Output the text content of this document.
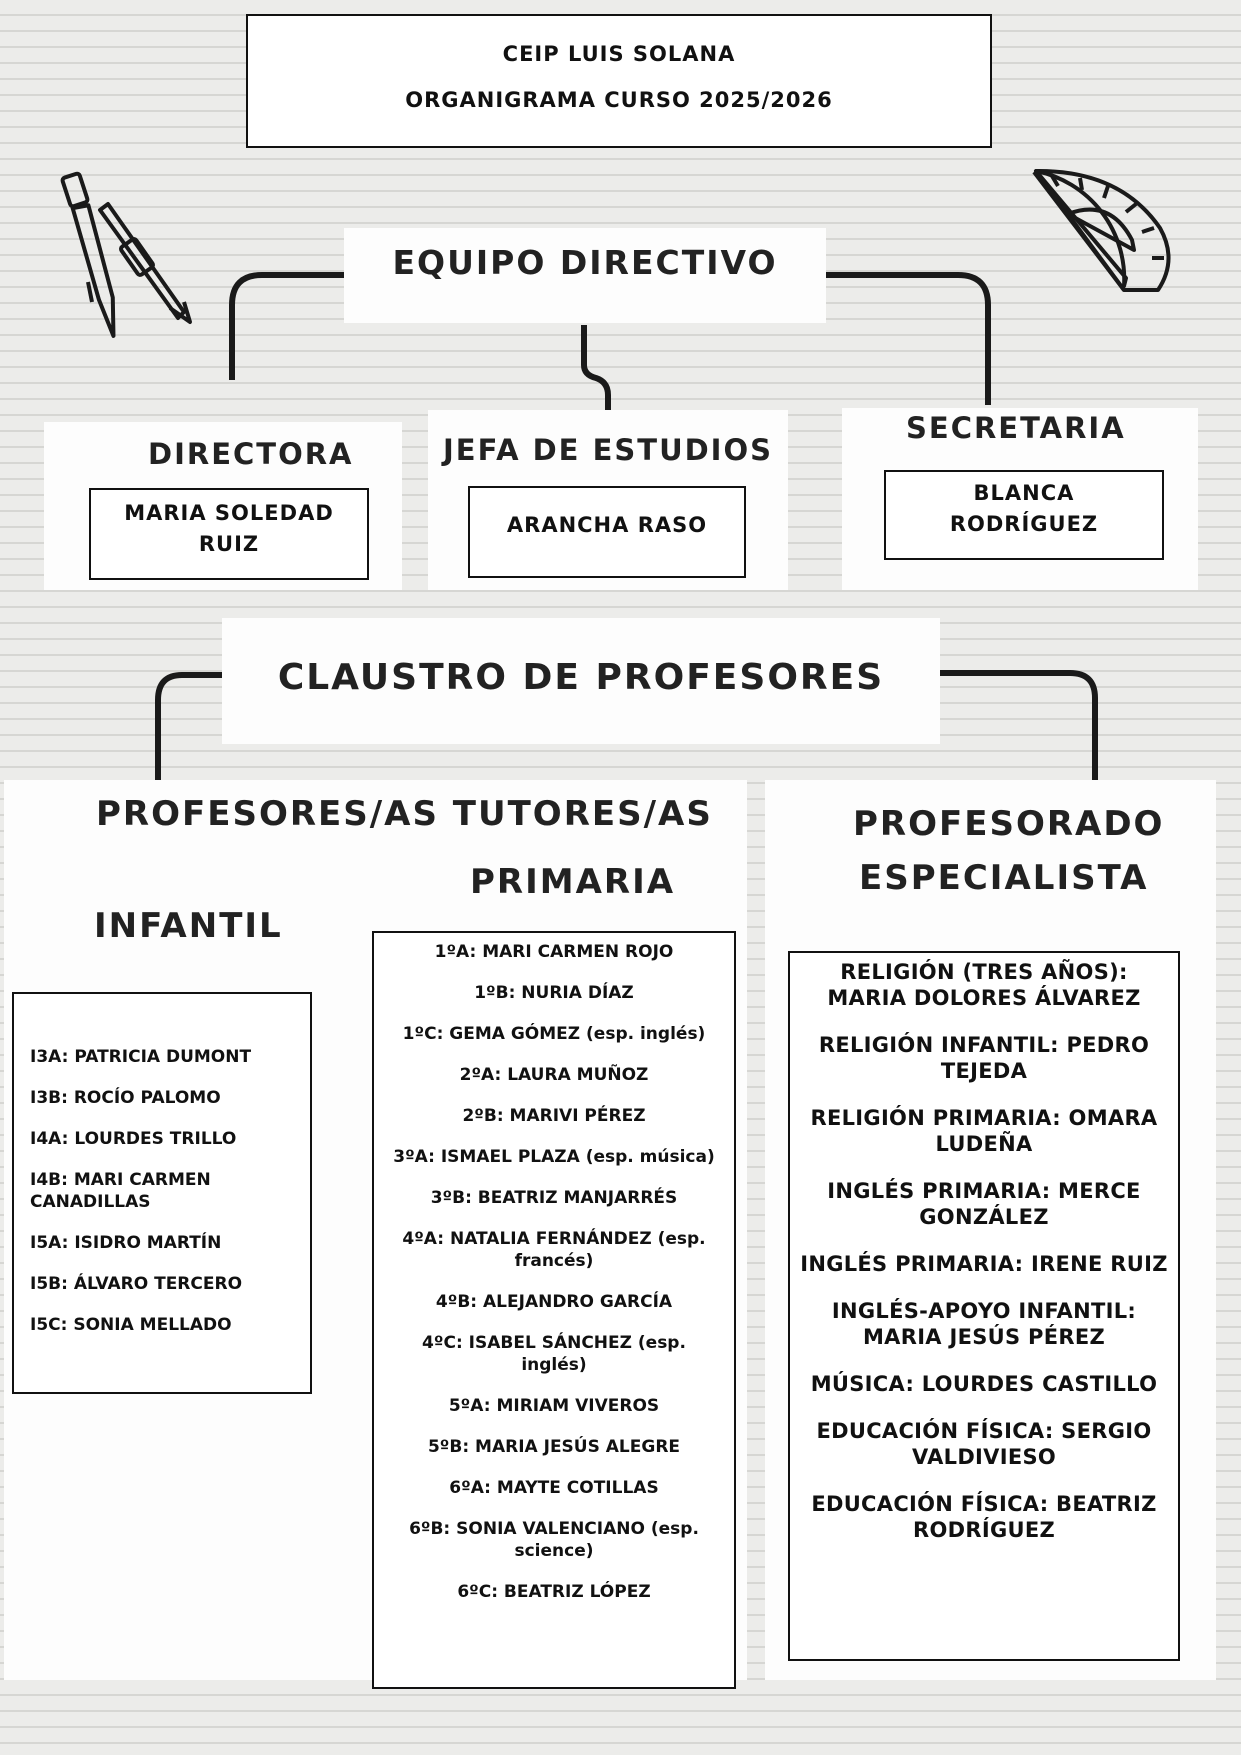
CEIP LUIS SOLANA
ORGANIGRAMA CURSO 2025/2026
EQUIPO DIRECTIVO
DIRECTORA
MARIA SOLEDAD RUIZ
JEFA DE ESTUDIOS
ARANCHA RASO
SECRETARIA
BLANCA RODRÍGUEZ
CLAUSTRO DE PROFESORES
PROFESORES/AS TUTORES/AS
PRIMARIA
INFANTIL
I3A: PATRICIA DUMONT
I3B: ROCÍO PALOMO
I4A: LOURDES TRILLO
I4B: MARI CARMEN CANADILLAS
I5A: ISIDRO MARTÍN
I5B: ÁLVARO TERCERO
I5C: SONIA MELLADO
1ºA: MARI CARMEN ROJO
1ºB: NURIA DÍAZ
1ºC: GEMA GÓMEZ (esp. inglés)
2ºA: LAURA MUÑOZ
2ºB: MARIVI PÉREZ
3ºA: ISMAEL PLAZA (esp. música)
3ºB: BEATRIZ MANJARRÉS
4ºA: NATALIA FERNÁNDEZ (esp. francés)
4ºB: ALEJANDRO GARCÍA
4ºC: ISABEL SÁNCHEZ (esp. inglés)
5ºA: MIRIAM VIVEROS
5ºB: MARIA JESÚS ALEGRE
6ºA: MAYTE COTILLAS
6ºB: SONIA VALENCIANO (esp. science)
6ºC: BEATRIZ LÓPEZ
PROFESORADO
ESPECIALISTA
RELIGIÓN (TRES AÑOS): MARIA DOLORES ÁLVAREZ
RELIGIÓN INFANTIL: PEDRO TEJEDA
RELIGIÓN PRIMARIA: OMARA LUDEÑA
INGLÉS PRIMARIA: MERCE GONZÁLEZ
INGLÉS PRIMARIA: IRENE RUIZ
INGLÉS-APOYO INFANTIL: MARIA JESÚS PÉREZ
MÚSICA: LOURDES CASTILLO
EDUCACIÓN FÍSICA: SERGIO VALDIVIESO
EDUCACIÓN FÍSICA: BEATRIZ RODRÍGUEZ
